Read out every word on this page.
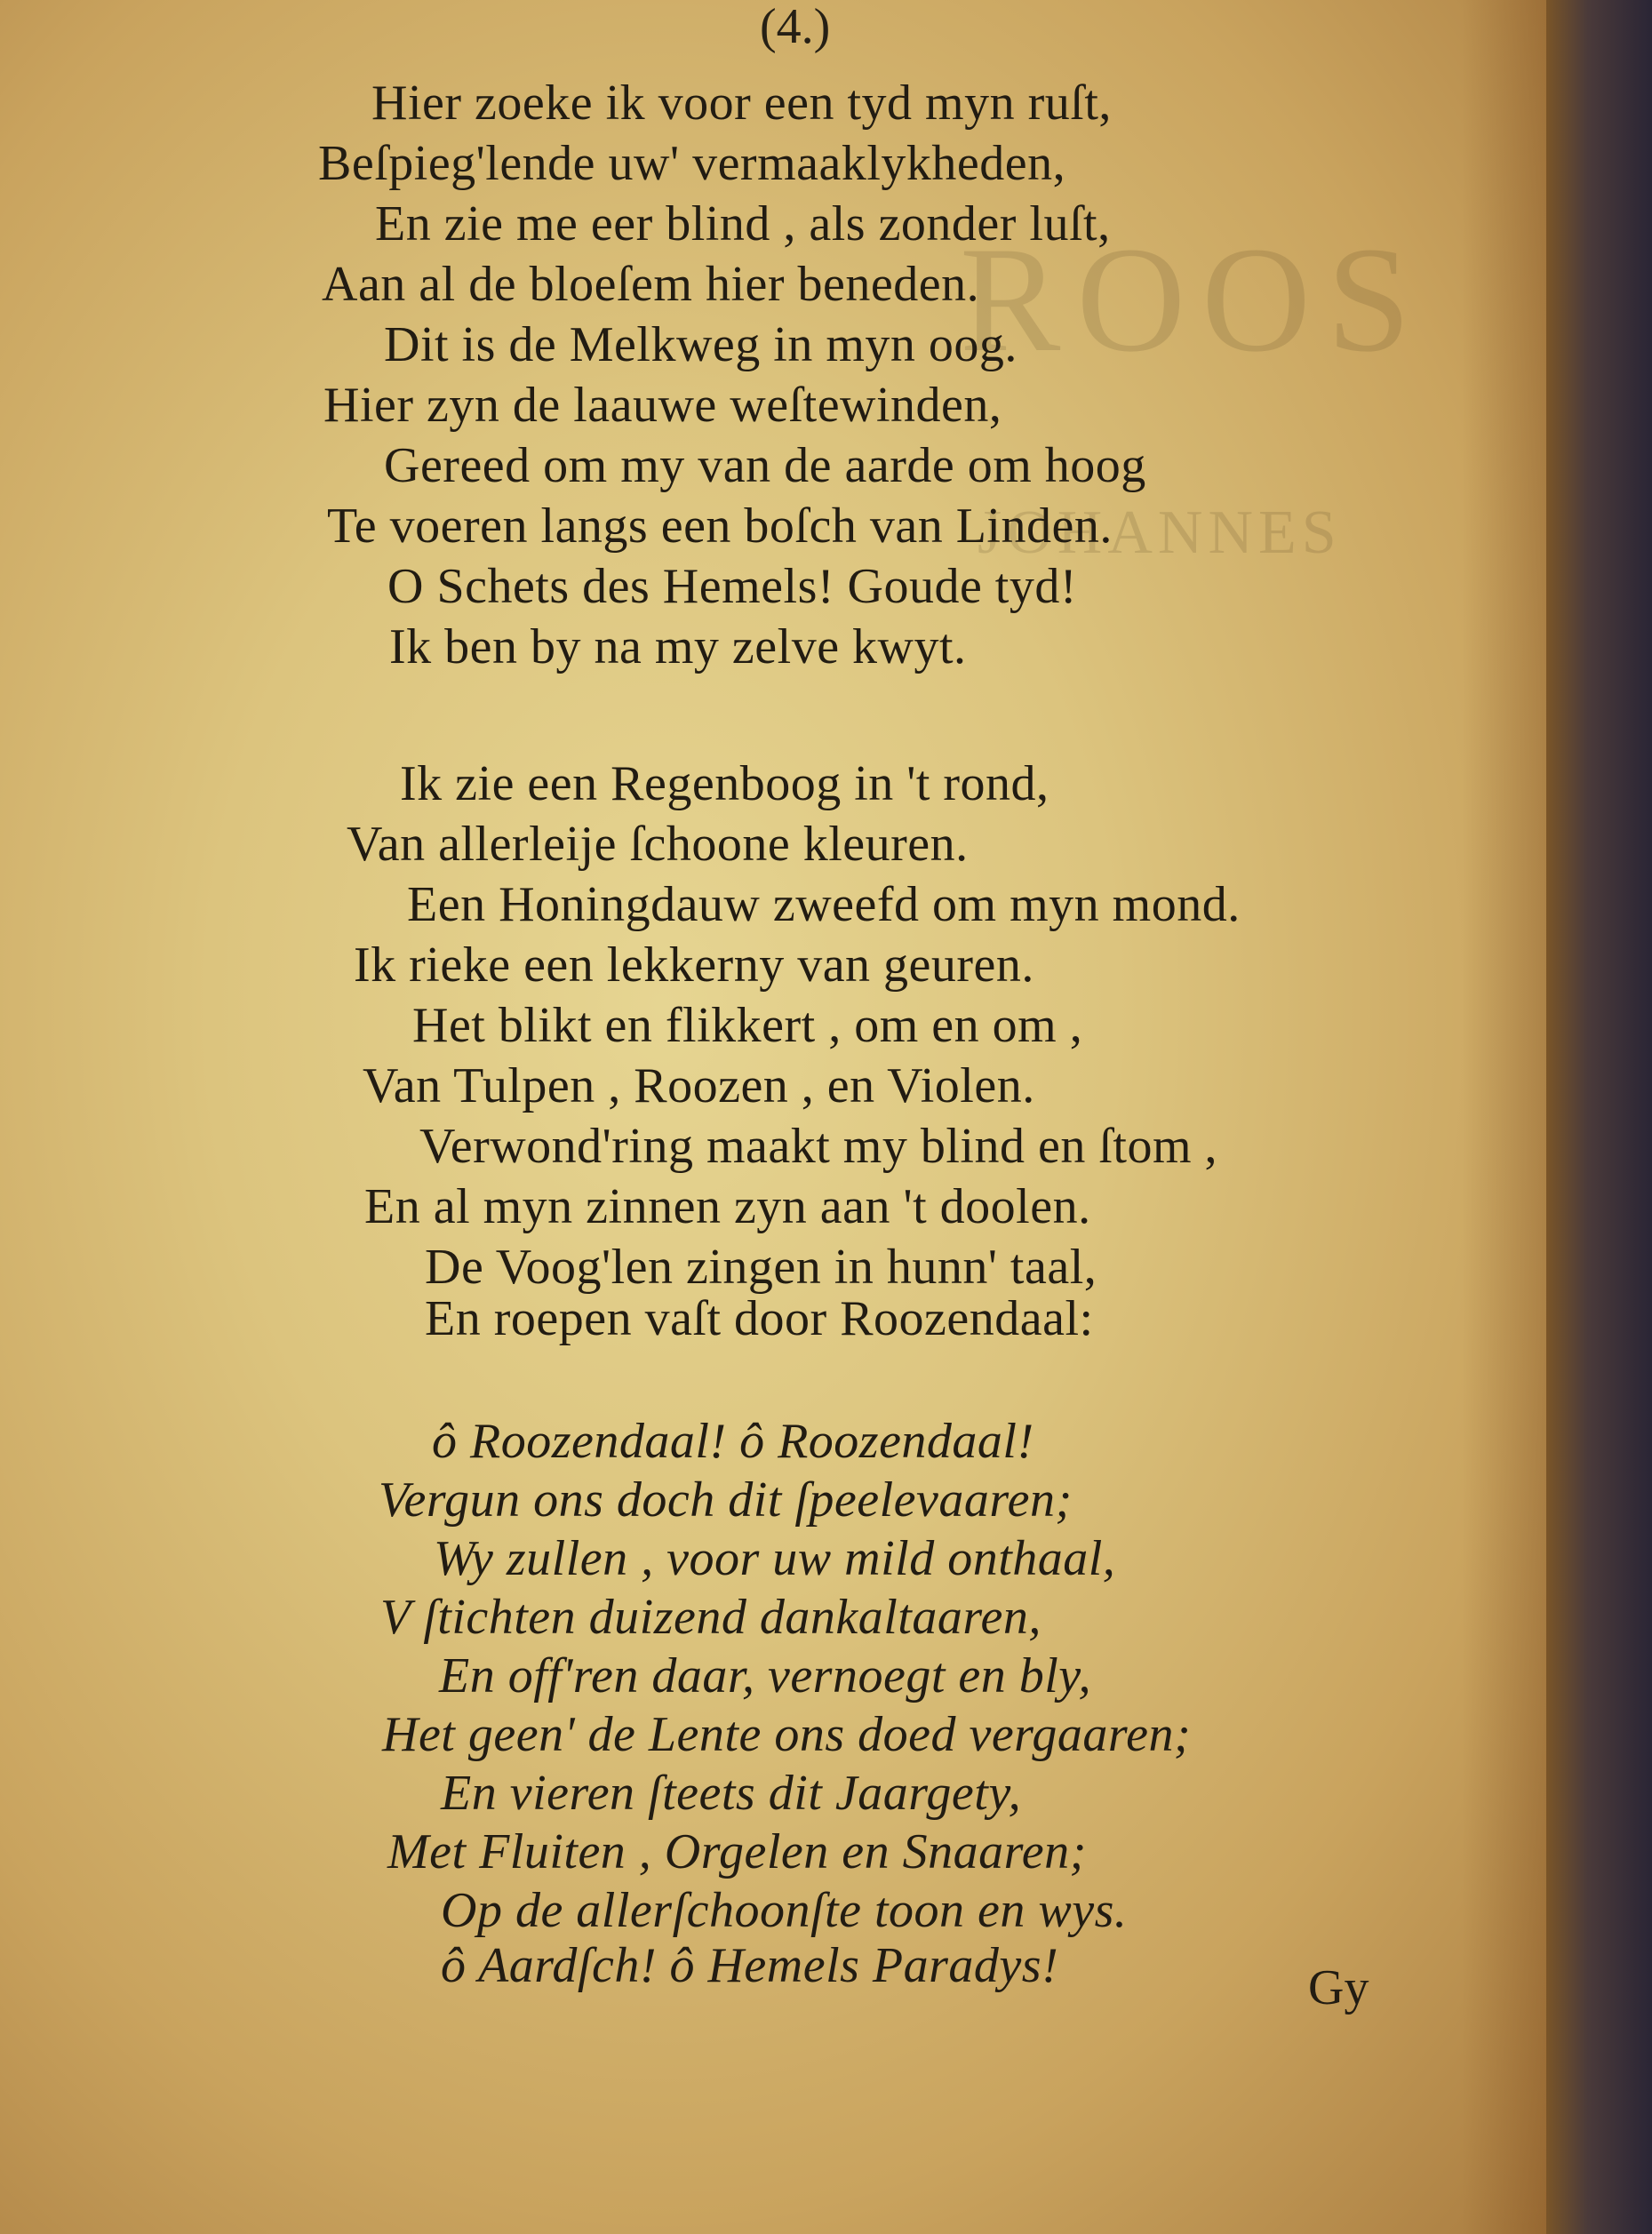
ROOS
JOHANNES
(4.)

Hier zoeke ik voor een tyd myn ruſt,

Beſpieg'lende uw' vermaaklykheden,

En zie me eer blind , als zonder luſt,

Aan al de bloeſem hier beneden.

Dit is de Melkweg in myn oog.

Hier zyn de laauwe weſtewinden,

Gereed om my van de aarde om hoog

Te voeren langs een boſch van Linden.

O Schets des Hemels! Goude tyd!

Ik ben by na my zelve kwyt.

Ik zie een Regenboog in 't rond,

Van allerleije ſchoone kleuren.

Een Honingdauw zweefd om myn mond.

Ik rieke een lekkerny van geuren.

Het blikt en flikkert , om en om ,

Van Tulpen , Roozen , en Violen.

Verwond'ring maakt my blind en ſtom ,

En al myn zinnen zyn aan 't doolen.

De Voog'len zingen in hunn' taal,

En roepen vaſt door Roozendaal:

ô Roozendaal! ô Roozendaal!

Vergun ons doch dit ſpeelevaaren;

Wy zullen , voor uw mild onthaal,

V ſtichten duizend dankaltaaren,

En off'ren daar, vernoegt en bly,

Het geen' de Lente ons doed vergaaren;

En vieren ſteets dit Jaargety,

Met Fluiten , Orgelen en Snaaren;

Op de allerſchoonſte toon en wys.

ô Aardſch! ô Hemels Paradys!	Gy
